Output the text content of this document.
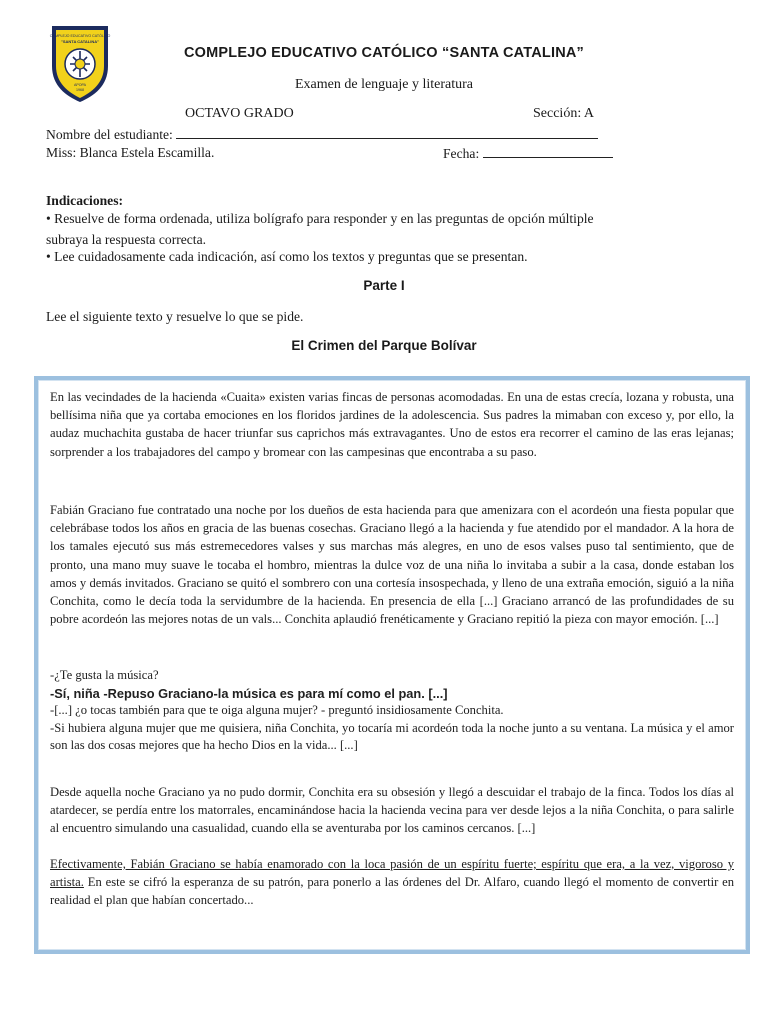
COMPLEJO EDUCATIVO CATÓLICO
"SANTA CATALINA"
APOPA
1968
COMPLEJO EDUCATIVO CATÓLICO “SANTA CATALINA”
Examen de lenguaje y literatura
OCTAVO GRADO	Sección: A
Nombre del estudiante:
Miss: Blanca Estela Escamilla.	Fecha:
Indicaciones:
• Resuelve de forma ordenada, utiliza bolígrafo para responder y en las preguntas de opción múltiple
subraya la respuesta correcta.
• Lee cuidadosamente cada indicación, así como los textos y preguntas que se presentan.
Parte I
Lee el siguiente texto y resuelve lo que se pide.
El Crimen del Parque Bolívar

En las vecindades de la hacienda «Cuaita» existen varias fincas de personas acomodadas. En una de estas crecía, lozana y robusta, una bellísima niña que ya cortaba emociones en los floridos jardines de la adolescencia. Sus padres la mimaban con exceso y, por ello, la audaz muchachita gustaba de hacer triunfar sus caprichos más extravagantes. Uno de estos era recorrer el camino de las eras lejanas; sorprender a los trabajadores del campo y bromear con las campesinas que encontraba a su paso.

Fabián Graciano fue contratado una noche por los dueños de esta hacienda para que amenizara con el acordeón una fiesta popular que celebrábase todos los años en gracia de las buenas cosechas. Graciano llegó a la hacienda y fue atendido por el mandador. A la hora de los tamales ejecutó sus más estremecedores valses y sus marchas más alegres, en uno de esos valses puso tal sentimiento, que de pronto, una mano muy suave le tocaba el hombro, mientras la dulce voz de una niña lo invitaba a subir a la casa, donde estaban los amos y demás invitados. Graciano se quitó el sombrero con una cortesía insospechada, y lleno de una extraña emoción, siguió a la niña Conchita, como le decía toda la servidumbre de la hacienda. En presencia de ella [...] Graciano arrancó de las profundidades de su pobre acordeón las mejores notas de un vals... Conchita aplaudió frenéticamente y Graciano repitió la pieza con mayor emoción. [...]

-¿Te gusta la música?

-Sí, niña -Repuso Graciano-la música es para mí como el pan. [...]

-[...] ¿o tocas también para que te oiga alguna mujer? - preguntó insidiosamente Conchita.

-Si hubiera alguna mujer que me quisiera, niña Conchita, yo tocaría mi acordeón toda la noche junto a su ventana. La música y el amor son las dos cosas mejores que ha hecho Dios en la vida... [...]

Desde aquella noche Graciano ya no pudo dormir, Conchita era su obsesión y llegó a descuidar el trabajo de la finca. Todos los días al atardecer, se perdía entre los matorrales, encaminándose hacia la hacienda vecina para ver desde lejos a la niña Conchita, o para salirle al encuentro simulando una casualidad, cuando ella se aventuraba por los caminos cercanos. [...]

Efectivamente, Fabián Graciano se había enamorado con la loca pasión de un espíritu fuerte; espíritu que era, a la vez, vigoroso y artista. En este se cifró la esperanza de su patrón, para ponerlo a las órdenes del Dr. Alfaro, cuando llegó el momento de convertir en realidad el plan que habían concertado...
